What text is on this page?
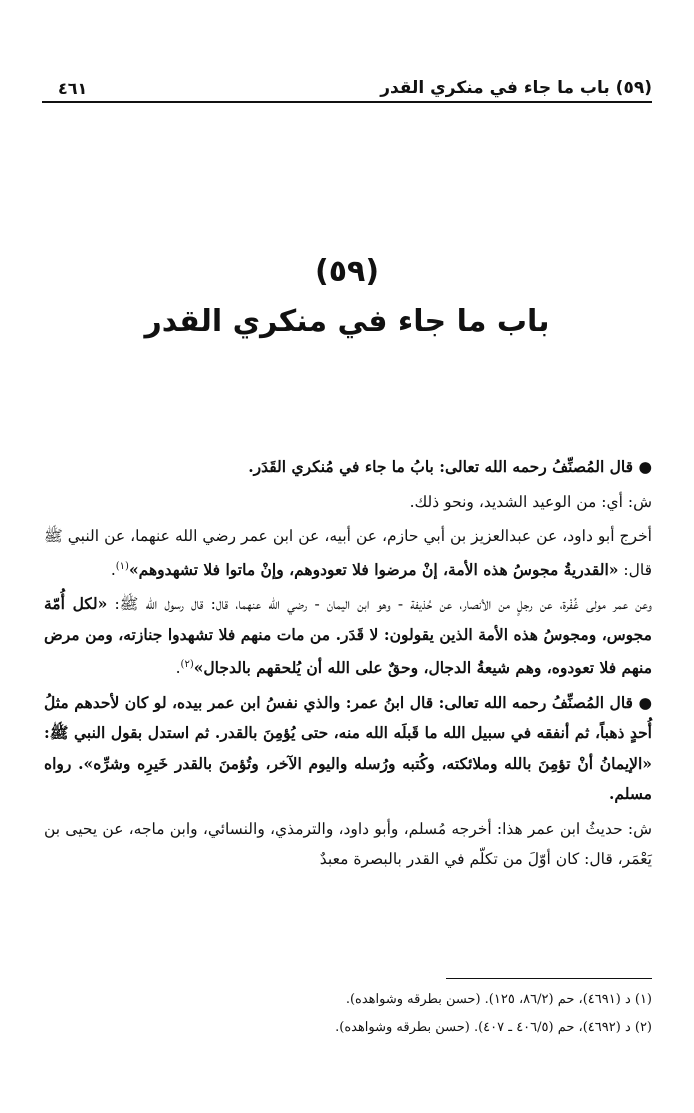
(٥٩) باب ما جاء في منكري القدر
٤٦١
(٥٩)
باب ما جاء في منكري القدر

● قال المُصنِّفُ رحمه الله تعالى: بابُ ما جاء في مُنكري القَدَر.

ش: أي: من الوعيد الشديد، ونحو ذلك.

أخرج أبو داود، عن عبدالعزيز بن أبي حازم، عن أبيه، عن ابن عمر رضي الله عنهما، عن النبي ﷺ قال: «القدريةُ مجوسُ هذه الأمة، إنْ مرضوا فلا تعودوهم، وإنْ ماتوا فلا تشهدوهم»$^{(١)}$.

وعن عمر مولى غُفْرة، عن رجلٍ من الأنصار، عن حُذيفة - وهو ابن اليمان - رضي الله عنهما، قال: قال رسول الله ﷺ: «لكل أُمّة مجوس، ومجوسُ هذه الأمة الذين يقولون: لا قَدَر. من مات منهم فلا تشهدوا جنازته، ومن مرض منهم فلا تعودوه، وهم شيعةُ الدجال، وحقٌ على الله أن يُلحقهم بالدجال»$^{(٢)}$.

● قال المُصنِّفُ رحمه الله تعالى: قال ابنُ عمر: والذي نفسُ ابن عمر بيده، لو كان لأحدهم مثلُ أُحدٍ ذهباً، ثم أنفقه في سبيل الله ما قَبلَه الله منه، حتى يُؤمِنَ بالقدر. ثم استدل بقول النبي ﷺ: «الإيمانُ أنْ تؤمِنَ بالله وملائكته، وكُتبه ورُسله واليوم الآخر، وتُؤمنَ بالقدر خَيرِه وشرِّه». رواه مسلم.

ش: حديثُ ابن عمر هذا: أخرجه مُسلم، وأبو داود، والترمذي، والنسائي، وابن ماجه، عن يحيى بن يَعْمَر، قال: كان أوّلَ من تكلّم في القدر بالبصرة معبدٌ

(١) د (٤٦٩١)، حم (٨٦/٢، ١٢٥). (حسن بطرقه وشواهده).

(٢) د (٤٦٩٢)، حم (٤٠٦/٥ ـ ٤٠٧). (حسن بطرقه وشواهده).
